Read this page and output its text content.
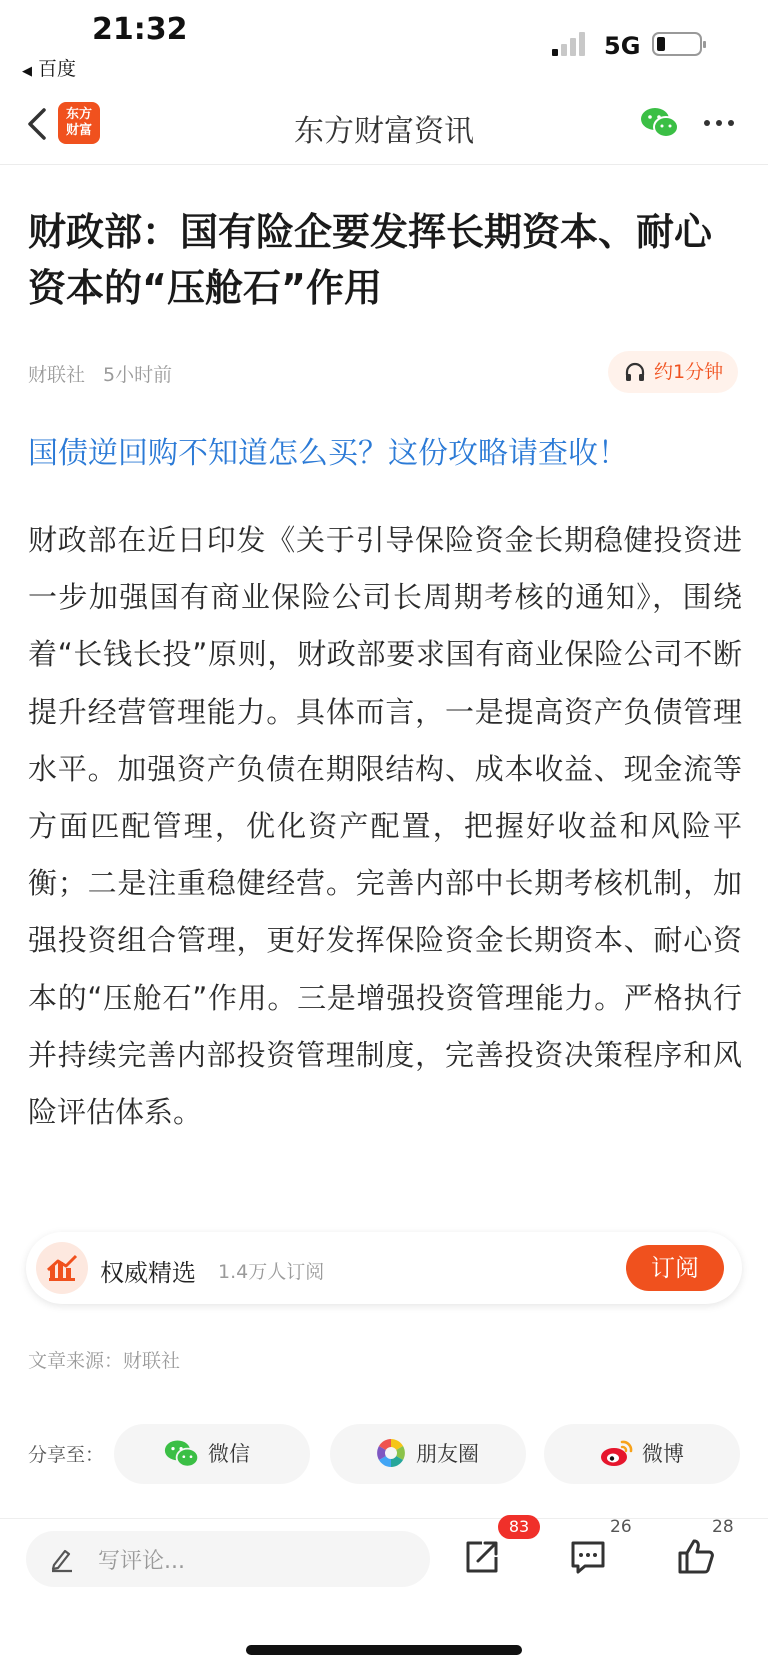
21:32
◀ 百度
5G
东方
财富	东方财富资讯
财政部：国有险企要发挥长期资本、耐心资本的“压舱石”作用
财联社 5小时前	约1分钟
国债逆回购不知道怎么买？这份攻略请查收！
财政部在近日印发《关于引导保险资金长期稳健投资进一步加强国有商业保险公司长周期考核的通知》，围绕着“长钱长投”原则，财政部要求国有商业保险公司不断提升经营管理能力。具体而言，一是提高资产负债管理水平。加强资产负债在期限结构、成本收益、现金流等方面匹配管理，优化资产配置，把握好收益和风险平衡；二是注重稳健经营。完善内部中长期考核机制，加强投资组合管理，更好发挥保险资金长期资本、耐心资本的“压舱石”作用。三是增强投资管理能力。严格执行并持续完善内部投资管理制度，完善投资决策程序和风险评估体系。
权威精选 1.4万人订阅	订阅
文章来源：财联社
分享至：	微信	朋友圈	微博
写评论...
83	26	28
